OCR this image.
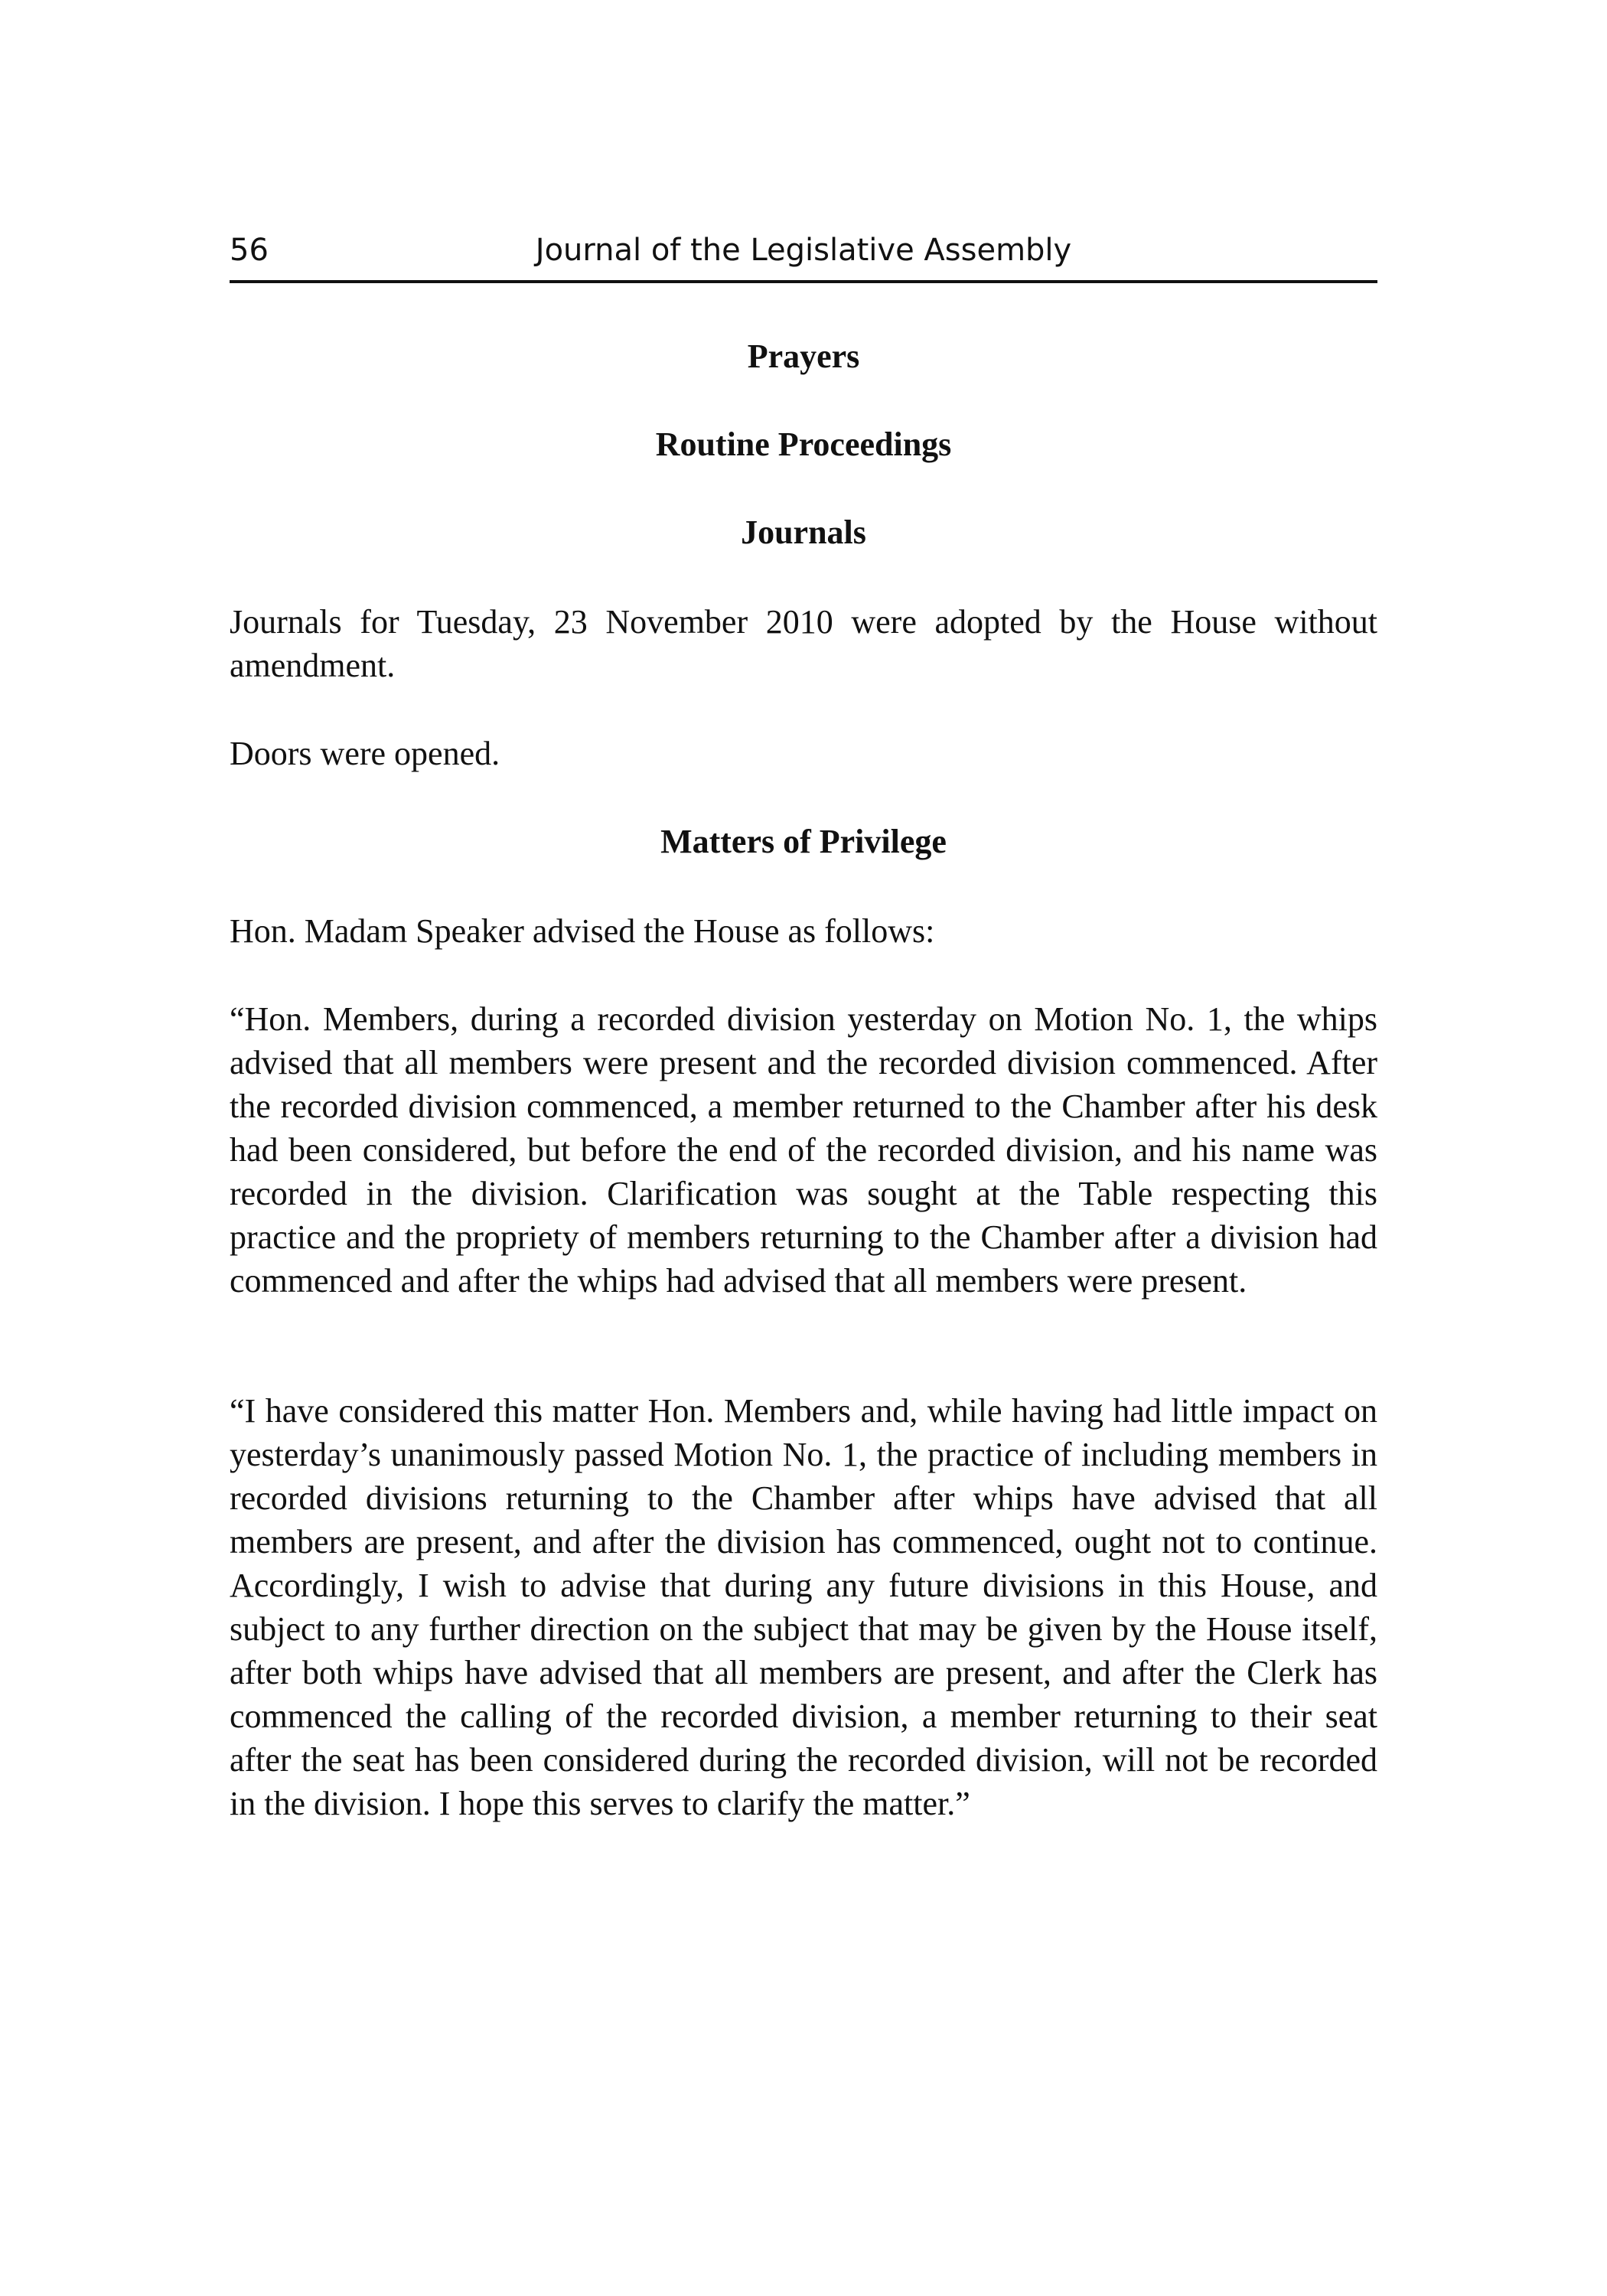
56	Journal of the Legislative Assembly
Prayers
Routine Proceedings
Journals

Journals for Tuesday, 23 November 2010 were adopted by the House without amendment.

Doors were opened.

Matters of Privilege

Hon. Madam Speaker advised the House as follows:

“Hon. Members, during a recorded division yesterday on Motion No. 1, the whips advised that all members were present and the recorded division commenced. After the recorded division commenced, a member returned to the Chamber after his desk had been considered, but before the end of the recorded division, and his name was recorded in the division. Clarification was sought at the Table respecting this practice and the propriety of members returning to the Chamber after a division had commenced and after the whips had advised that all members were present.

“I have considered this matter Hon. Members and, while having had little impact on yesterday’s unanimously passed Motion No. 1, the practice of including members in recorded divisions returning to the Chamber after whips have advised that all members are present, and after the division has commenced, ought not to continue. Accordingly, I wish to advise that during any future divisions in this House, and subject to any further direction on the subject that may be given by the House itself, after both whips have advised that all members are present, and after the Clerk has commenced the calling of the recorded division, a member returning to their seat after the seat has been considered during the recorded division, will not be recorded in the division. I hope this serves to clarify the matter.”
